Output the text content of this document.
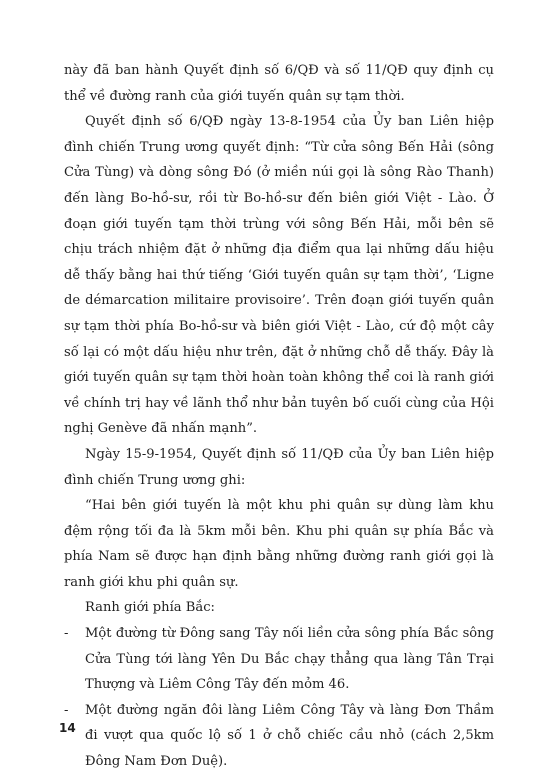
này đã ban hành Quyết định số 6/QĐ và số 11/QĐ quy định cụ thể về đường ranh của giới tuyến quân sự tạm thời.

Quyết định số 6/QĐ ngày 13-8-1954 của Ủy ban Liên hiệp đình chiến Trung ương quyết định: “Từ cửa sông Bến Hải (sông Cửa Tùng) và dòng sông Đó (ở miền núi gọi là sông Rào Thanh) đến làng Bo-hồ-sư, rồi từ Bo-hồ-sư đến biên giới Việt - Lào. Ở đoạn giới tuyến tạm thời trùng với sông Bến Hải, mỗi bên sẽ chịu trách nhiệm đặt ở những địa điểm qua lại những dấu hiệu dễ thấy bằng hai thứ tiếng ‘Giới tuyến quân sự tạm thời’, ‘Ligne de démarcation militaire provisoire’. Trên đoạn giới tuyến quân sự tạm thời phía Bo-hồ-sư và biên giới Việt - Lào, cứ độ một cây số lại có một dấu hiệu như trên, đặt ở những chỗ dễ thấy. Đây là giới tuyến quân sự tạm thời hoàn toàn không thể coi là ranh giới về chính trị hay về lãnh thổ như bản tuyên bố cuối cùng của Hội nghị Genève đã nhấn mạnh”.

Ngày 15-9-1954, Quyết định số 11/QĐ của Ủy ban Liên hiệp đình chiến Trung ương ghi:

“Hai bên giới tuyến là một khu phi quân sự dùng làm khu đệm rộng tối đa là 5km mỗi bên. Khu phi quân sự phía Bắc và phía Nam sẽ được hạn định bằng những đường ranh giới gọi là ranh giới khu phi quân sự.

Ranh giới phía Bắc:

- Một đường từ Đông sang Tây nối liền cửa sông phía Bắc sông Cửa Tùng tới làng Yên Du Bắc chạy thẳng qua làng Tân Trại Thượng và Liêm Công Tây đến mỏm 46.
- Một đường ngăn đôi làng Liêm Công Tây và làng Đơn Thầm đi vượt qua quốc lộ số 1 ở chỗ chiếc cầu nhỏ (cách 2,5km Đông Nam Đơn Duệ).
14
